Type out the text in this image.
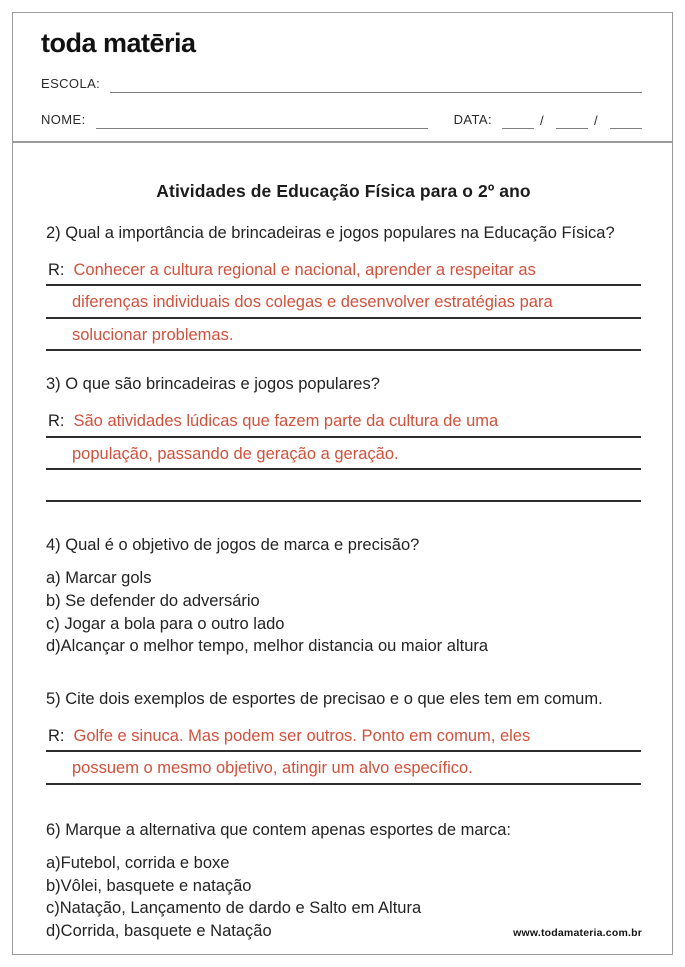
toda matēria
ESCOLA:
NOME:	DATA:	/	/
Atividades de Educação Física para o 2º ano

2) Qual a importância de brincadeiras e jogos populares na Educação Física?

R: Conhecer a cultura regional e nacional, aprender a respeitar as
diferenças individuais dos colegas e desenvolver estratégias para
solucionar problemas.

3) O que são brincadeiras e jogos populares?

R: São atividades lúdicas que fazem parte da cultura de uma
população, passando de geração a geração.

4) Qual é o objetivo de jogos de marca e precisão?

a) Marcar gols

b) Se defender do adversário

c) Jogar a bola para o outro lado

d)Alcançar o melhor tempo, melhor distancia ou maior altura

5) Cite dois exemplos de esportes de precisao e o que eles tem em comum.

R: Golfe e sinuca. Mas podem ser outros. Ponto em comum, eles
possuem o mesmo objetivo, atingir um alvo específico.

6) Marque a alternativa que contem apenas esportes de marca:

a)Futebol, corrida e boxe

b)Vôlei, basquete e natação

c)Natação, Lançamento de dardo e Salto em Altura

d)Corrida, basquete e Natação	www.todamateria.com.br
